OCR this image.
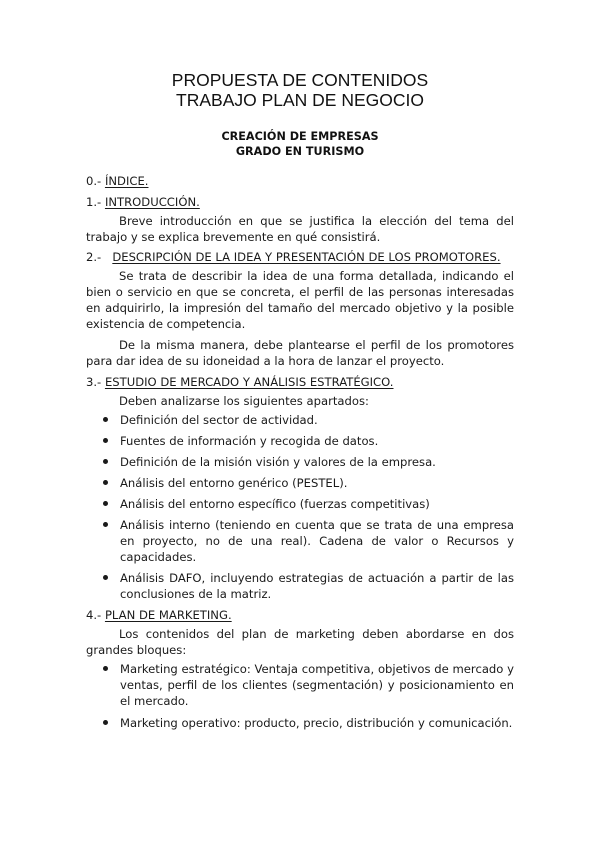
PROPUESTA DE CONTENIDOS
TRABAJO PLAN DE NEGOCIO
CREACIÓN DE EMPRESAS
GRADO EN TURISMO
0.- ÍNDICE.
1.- INTRODUCCIÓN.

Breve introducción en que se justifica la elección del tema del trabajo y se explica brevemente en qué consistirá.

2.- DESCRIPCIÓN DE LA IDEA Y PRESENTACIÓN DE LOS PROMOTORES.

Se trata de describir la idea de una forma detallada, indicando el bien o servicio en que se concreta, el perfil de las personas interesadas en adquirirlo, la impresión del tamaño del mercado objetivo y la posible existencia de competencia.

De la misma manera, debe plantearse el perfil de los promotores para dar idea de su idoneidad a la hora de lanzar el proyecto.

3.- ESTUDIO DE MERCADO Y ANÁLISIS ESTRATÉGICO.

Deben analizarse los siguientes apartados:

Definición del sector de actividad.
Fuentes de información y recogida de datos.
Definición de la misión visión y valores de la empresa.
Análisis del entorno genérico (PESTEL).
Análisis del entorno específico (fuerzas competitivas)
Análisis interno (teniendo en cuenta que se trata de una empresa en proyecto, no de una real). Cadena de valor o Recursos y capacidades.
Análisis DAFO, incluyendo estrategias de actuación a partir de las conclusiones de la matriz.
4.- PLAN DE MARKETING.

Los contenidos del plan de marketing deben abordarse en dos grandes bloques:

Marketing estratégico: Ventaja competitiva, objetivos de mercado y ventas, perfil de los clientes (segmentación) y posicionamiento en el mercado.
Marketing operativo: producto, precio, distribución y comunicación.
